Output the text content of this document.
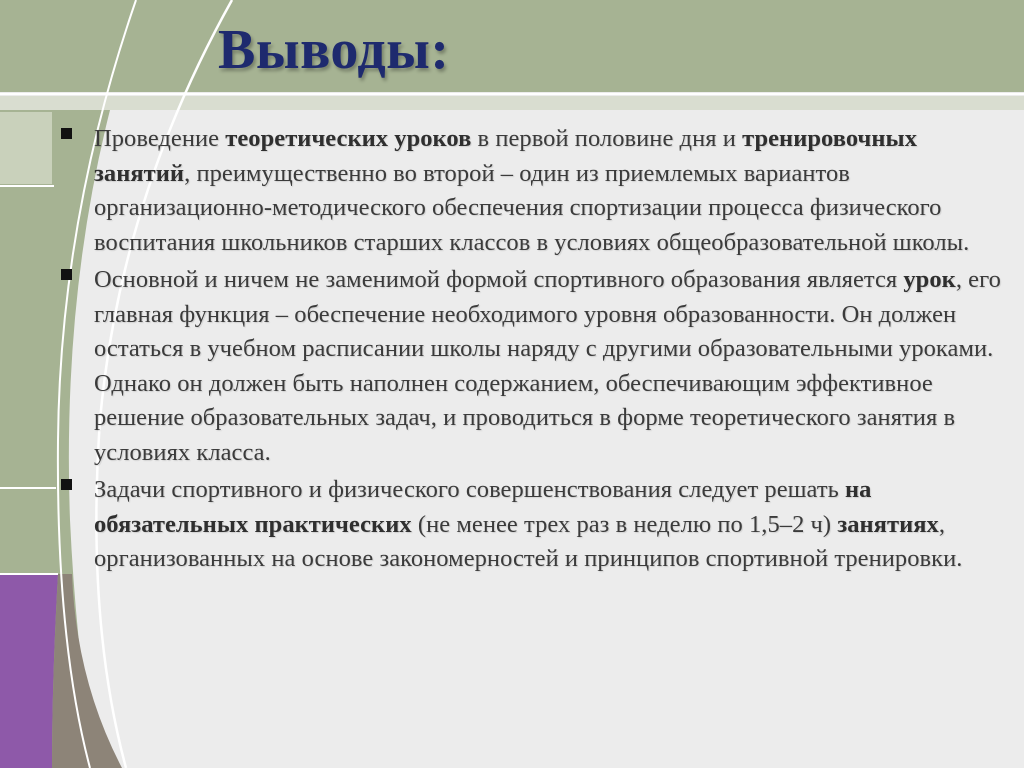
Выводы:
Проведение теоретических уроков в первой половине дня и тренировочных занятий, преимущественно во второй – один из приемлемых вариантов организационно-методического обеспечения спортизации процесса физического воспитания школьников старших классов в условиях общеобразовательной школы.
Основной и ничем не заменимой формой спортивного образования является урок, его главная функция – обеспечение необходимого уровня образованности. Он должен остаться в учебном расписании школы наряду с другими образовательными уроками. Однако он должен быть наполнен содержанием, обеспечивающим эффективное решение образовательных задач, и проводиться в форме теоретического занятия в условиях класса.
Задачи спортивного и физического совершенствования следует решать на обязательных практических (не менее трех раз в неделю по 1,5–2 ч) занятиях, организованных на основе закономерностей и принципов спортивной тренировки.
